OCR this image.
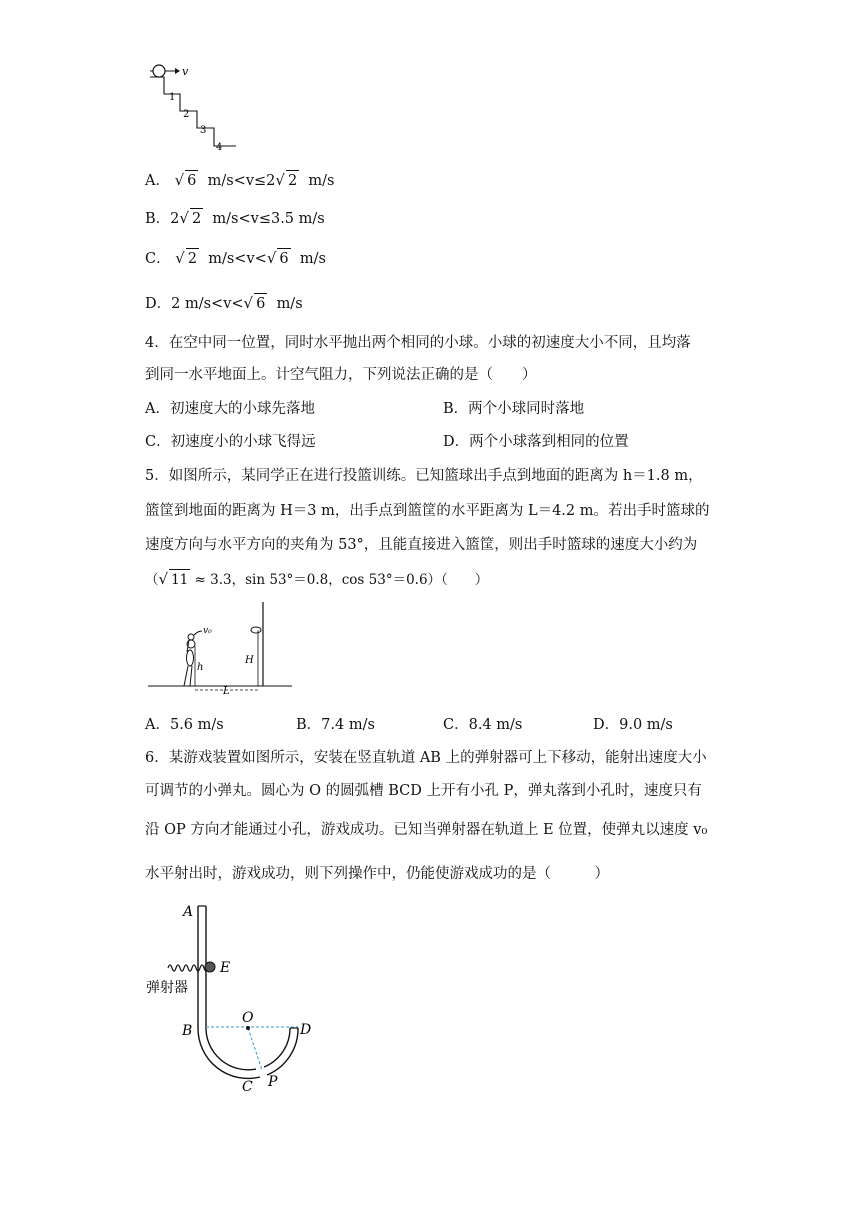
v
1
2
3
4
A． √ 6 m/s<v≤2√ 2 m/s
B．2√ 2 m/s<v≤3.5 m/s
C． √ 2 m/s<v<√ 6 m/s
D．2 m/s<v<√ 6 m/s
4．在空中同一位置，同时水平抛出两个相同的小球。小球的初速度大小不同，且均落
到同一水平地面上。计空气阻力，下列说法正确的是（　　）
A．初速度大的小球先落地	B．两个小球同时落地
C．初速度小的小球飞得远	D．两个小球落到相同的位置
5．如图所示，某同学正在进行投篮训练。已知篮球出手点到地面的距离为 h＝1.8 m，
篮筐到地面的距离为 H＝3 m，出手点到篮筐的水平距离为 L＝4.2 m。若出手时篮球的
速度方向与水平方向的夹角为 53°，且能直接进入篮筐，则出手时篮球的速度大小约为
（√ 11 ≈ 3.3，sin 53°＝0.8，cos 53°＝0.6）（　　）
v₀
h
H
L
A．5.6 m/s	B．7.4 m/s	C．8.4 m/s	D．9.0 m/s
6．某游戏装置如图所示，安装在竖直轨道 AB 上的弹射器可上下移动，能射出速度大小
可调节的小弹丸。圆心为 O 的圆弧槽 BCD 上开有小孔 P，弹丸落到小孔时，速度只有
沿 OP 方向才能通过小孔，游戏成功。已知当弹射器在轨道上 E 位置，使弹丸以速度 v₀
水平射出时，游戏成功，则下列操作中，仍能使游戏成功的是（　　　）
A
E
弹射器
O
B	D
C P
